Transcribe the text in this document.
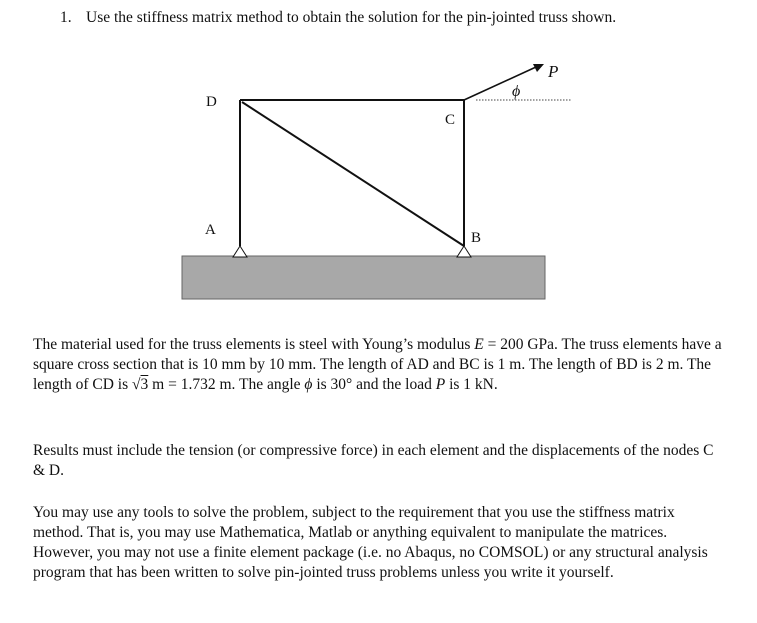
1. Use the stiffness matrix method to obtain the solution for the pin-jointed truss shown.
D
C
A	B
P
ϕ

The material used for the truss elements is steel with Young’s modulus E = 200 GPa. The truss elements have a square cross section that is 10 mm by 10 mm. The length of AD and BC is 1 m. The length of BD is 2 m. The length of CD is √3 m = 1.732 m. The angle ϕ is 30° and the load P is 1 kN.

Results must include the tension (or compressive force) in each element and the displacements of the nodes C & D.

You may use any tools to solve the problem, subject to the requirement that you use the stiffness matrix method. That is, you may use Mathematica, Matlab or anything equivalent to manipulate the matrices. However, you may not use a finite element package (i.e. no Abaqus, no COMSOL) or any structural analysis program that has been written to solve pin-jointed truss problems unless you write it yourself.
